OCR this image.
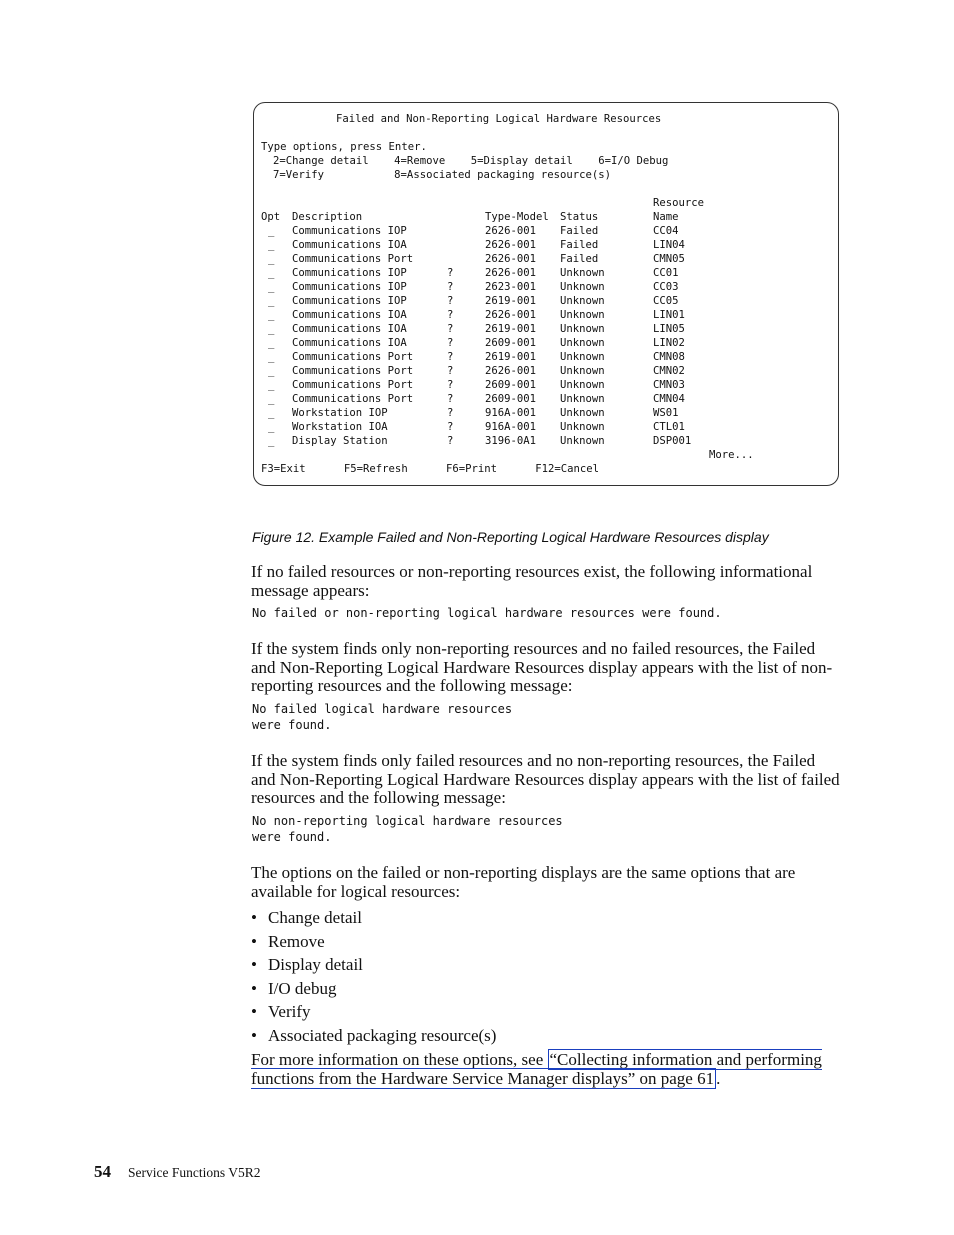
Failed and Non-Reporting Logical Hardware Resources
Type options, press Enter.
2=Change detail    4=Remove    5=Display detail    6=I/O Debug
7=Verify           8=Associated packaging resource(s)
Resource
Opt Description	Type-Model Status	Name
_ Communications IOP	2626-001 Failed	CC04
_ Communications IOA	2626-001 Failed	LIN04
_ Communications Port	2626-001 Failed	CMN05
_ Communications IOP	?	2626-001 Unknown	CC01
_ Communications IOP	?	2623-001 Unknown	CC03
_ Communications IOP	?	2619-001 Unknown	CC05
_ Communications IOA	?	2626-001 Unknown	LIN01
_ Communications IOA	?	2619-001 Unknown	LIN05
_ Communications IOA	?	2609-001 Unknown	LIN02
_ Communications Port	?	2619-001 Unknown	CMN08
_ Communications Port	?	2626-001 Unknown	CMN02
_ Communications Port	?	2609-001 Unknown	CMN03
_ Communications Port	?	2609-001 Unknown	CMN04
_ Workstation IOP	?	916A-001 Unknown	WS01
_ Workstation IOA	?	916A-001 Unknown	CTL01
_ Display Station	?	3196-0A1 Unknown	DSP001
More...
F3=Exit      F5=Refresh      F6=Print      F12=Cancel

Figure 12. Example Failed and Non-Reporting Logical Hardware Resources display

If no failed resources or non-reporting resources exist, the following informational message appears:

No failed or non-reporting logical hardware resources were found.

If the system finds only non-reporting resources and no failed resources, the Failed and Non-Reporting Logical Hardware Resources display appears with the list of non-reporting resources and the following message:

No failed logical hardware resources
were found.

If the system finds only failed resources and no non-reporting resources, the Failed and Non-Reporting Logical Hardware Resources display appears with the list of failed resources and the following message:

No non-reporting logical hardware resources
were found.

The options on the failed or non-reporting displays are the same options that are available for logical resources:

• Change detail
• Remove
• Display detail
• I/O debug
• Verify
• Associated packaging resource(s)

For more information on these options, see “Collecting information and performing functions from the Hardware Service Manager displays” on page 61 .

54 Service Functions V5R2
